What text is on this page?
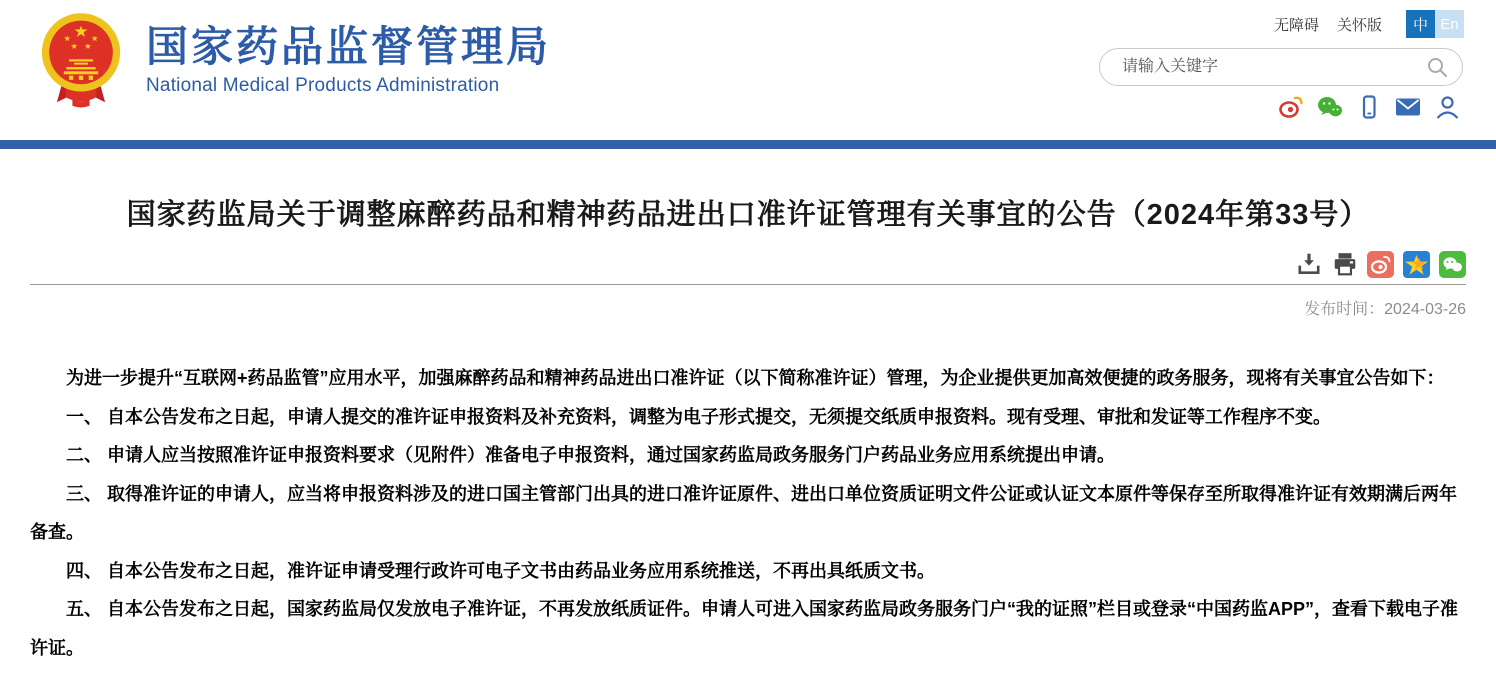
国家药品监督管理局
National Medical Products Administration
无障碍 关怀版	中 En
请输入关键字
国家药监局关于调整麻醉药品和精神药品进出口准许证管理有关事宜的公告（2024年第33号）
发布时间：2024-03-26

为进一步提升“互联网+药品监管”应用水平，加强麻醉药品和精神药品进出口准许证（以下简称准许证）管理，为企业提供更加高效便捷的政务服务，现将有关事宜公告如下：

一、 自本公告发布之日起，申请人提交的准许证申报资料及补充资料，调整为电子形式提交，无须提交纸质申报资料。现有受理、审批和发证等工作程序不变。

二、 申请人应当按照准许证申报资料要求（见附件）准备电子申报资料，通过国家药监局政务服务门户药品业务应用系统提出申请。

三、 取得准许证的申请人，应当将申报资料涉及的进口国主管部门出具的进口准许证原件、进出口单位资质证明文件公证或认证文本原件等保存至所取得准许证有效期满后两年备查。

四、 自本公告发布之日起，准许证申请受理行政许可电子文书由药品业务应用系统推送，不再出具纸质文书。

五、 自本公告发布之日起，国家药监局仅发放电子准许证，不再发放纸质证件。申请人可进入国家药监局政务服务门户“我的证照”栏目或登录“中国药监APP”，查看下载电子准许证。
